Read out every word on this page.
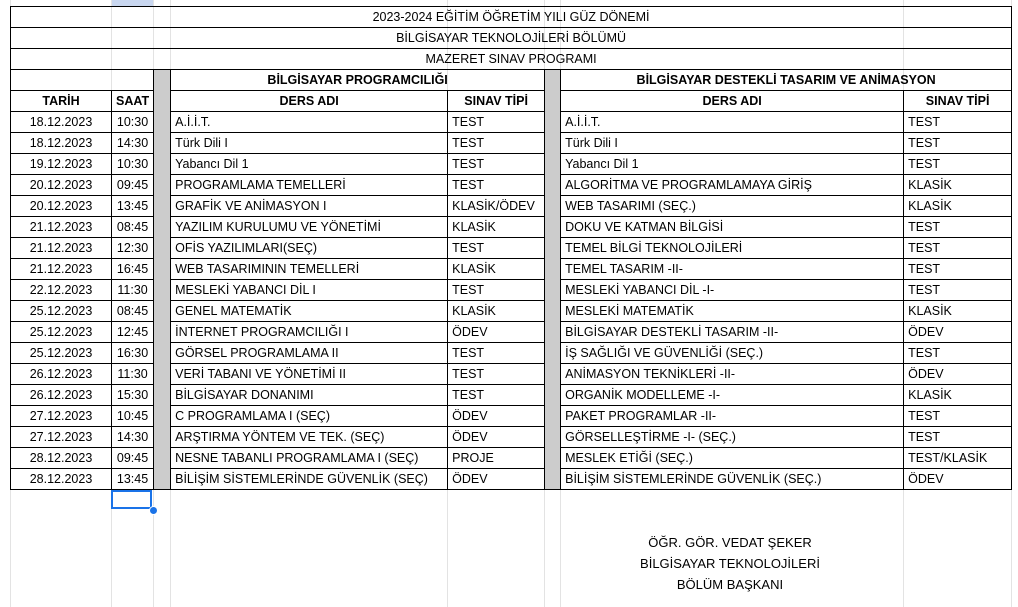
2023-2024 EĞİTİM ÖĞRETİM YILI GÜZ DÖNEMİ							
BİLGİSAYAR TEKNOLOJİLERİ BÖLÜMÜ							
MAZERET SINAV PROGRAMI							
			BİLGİSAYAR PROGRAMCILIĞI			BİLGİSAYAR DESTEKLİ TASARIM VE ANİMASYON	
TARİH	SAAT		DERS ADI	SINAV TİPİ		DERS ADI	SINAV TİPİ
18.12.2023	10:30		A.İ.İ.T.	TEST		A.İ.İ.T.	TEST
18.12.2023	14:30		Türk Dili I	TEST		Türk Dili I	TEST
19.12.2023	10:30		Yabancı Dil 1	TEST		Yabancı Dil 1	TEST
20.12.2023	09:45		PROGRAMLAMA TEMELLERİ	TEST		ALGORİTMA VE PROGRAMLAMAYA GİRİŞ	KLASİK
20.12.2023	13:45		GRAFİK VE ANİMASYON I	KLASİK/ÖDEV		WEB TASARIMI (SEÇ.)	KLASİK
21.12.2023	08:45		YAZILIM KURULUMU VE YÖNETİMİ	KLASİK		DOKU VE KATMAN BİLGİSİ	TEST
21.12.2023	12:30		OFİS YAZILIMLARI(SEÇ)	TEST		TEMEL BİLGİ TEKNOLOJİLERİ	TEST
21.12.2023	16:45		WEB TASARIMININ TEMELLERİ	KLASİK		TEMEL TASARIM -II-	TEST
22.12.2023	11:30		MESLEKİ YABANCI DİL I	TEST		MESLEKİ YABANCI DİL -I-	TEST
25.12.2023	08:45		GENEL MATEMATİK	KLASİK		MESLEKİ MATEMATİK	KLASİK
25.12.2023	12:45		İNTERNET PROGRAMCILIĞI I	ÖDEV		BİLGİSAYAR DESTEKLİ TASARIM -II-	ÖDEV
25.12.2023	16:30		GÖRSEL PROGRAMLAMA II	TEST		İŞ SAĞLIĞI VE GÜVENLİĞİ (SEÇ.)	TEST
26.12.2023	11:30		VERİ TABANI VE YÖNETİMİ II	TEST		ANİMASYON TEKNİKLERİ -II-	ÖDEV
26.12.2023	15:30		BİLGİSAYAR DONANIMI	TEST		ORGANİK MODELLEME -I-	KLASİK
27.12.2023	10:45		C PROGRAMLAMA I (SEÇ)	ÖDEV		PAKET PROGRAMLAR -II-	TEST
27.12.2023	14:30		ARŞTIRMA YÖNTEM VE TEK. (SEÇ)	ÖDEV		GÖRSELLEŞTİRME -I- (SEÇ.)	TEST
28.12.2023	09:45		NESNE TABANLI PROGRAMLAMA I (SEÇ)	PROJE		MESLEK ETİĞİ (SEÇ.)	TEST/KLASİK
28.12.2023	13:45		BİLİŞİM SİSTEMLERİNDE GÜVENLİK (SEÇ)	ÖDEV		BİLİŞİM SİSTEMLERİNDE GÜVENLİK (SEÇ.)	ÖDEV
ÖĞR. GÖR. VEDAT ŞEKER
BİLGİSAYAR TEKNOLOJİLERİ
BÖLÜM BAŞKANI
